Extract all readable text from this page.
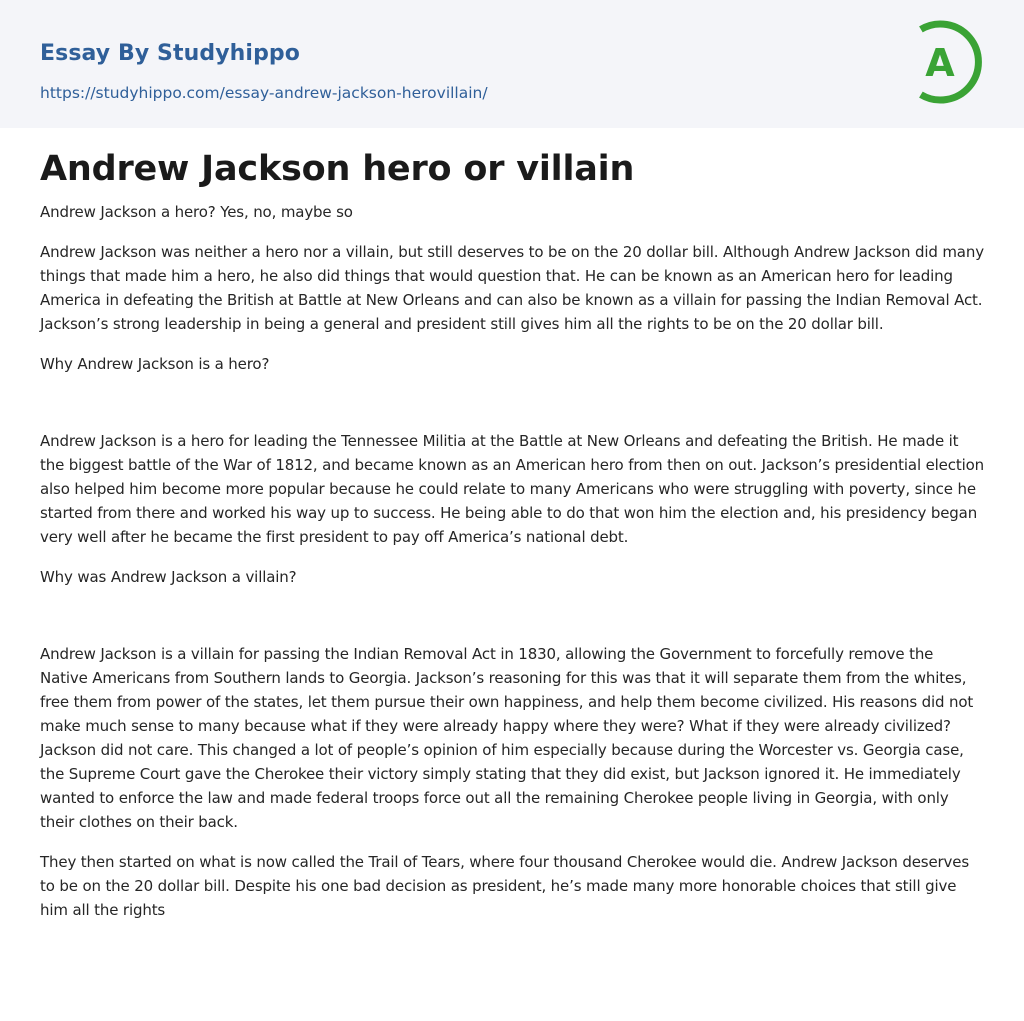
Essay By Studyhippo
https://studyhippo.com/essay-andrew-jackson-herovillain/
A
Andrew Jackson hero or villain

Andrew Jackson a hero? Yes, no, maybe so

Andrew Jackson was neither a hero nor a villain, but still deserves to be on the 20 dollar bill. Although Andrew Jackson did many things that made him a hero, he also did things that would question that. He can be known as an American hero for leading America in defeating the British at Battle at New Orleans and can also be known as a villain for passing the Indian Removal Act. Jackson’s strong leadership in being a general and president still gives him all the rights to be on the 20 dollar bill.

Why Andrew Jackson is a hero?

Andrew Jackson is a hero for leading the Tennessee Militia at the Battle at New Orleans and defeating the British. He made it the biggest battle of the War of 1812, and became known as an American hero from then on out. Jackson’s presidential election also helped him become more popular because he could relate to many Americans who were struggling with poverty, since he started from there and worked his way up to success. He being able to do that won him the election and, his presidency began very well after he became the first president to pay off America’s national debt.

Why was Andrew Jackson a villain?

Andrew Jackson is a villain for passing the Indian Removal Act in 1830, allowing the Government to forcefully remove the Native Americans from Southern lands to Georgia. Jackson’s reasoning for this was that it will separate them from the whites, free them from power of the states, let them pursue their own happiness, and help them become civilized. His reasons did not make much sense to many because what if they were already happy where they were? What if they were already civilized? Jackson did not care. This changed a lot of people’s opinion of him especially because during the Worcester vs. Georgia case, the Supreme Court gave the Cherokee their victory simply stating that they did exist, but Jackson ignored it. He immediately wanted to enforce the law and made federal troops force out all the remaining Cherokee people living in Georgia, with only their clothes on their back.

They then started on what is now called the Trail of Tears, where four thousand Cherokee would die. Andrew Jackson deserves to be on the 20 dollar bill. Despite his one bad decision as president, he’s made many more honorable choices that still give him all the rights
